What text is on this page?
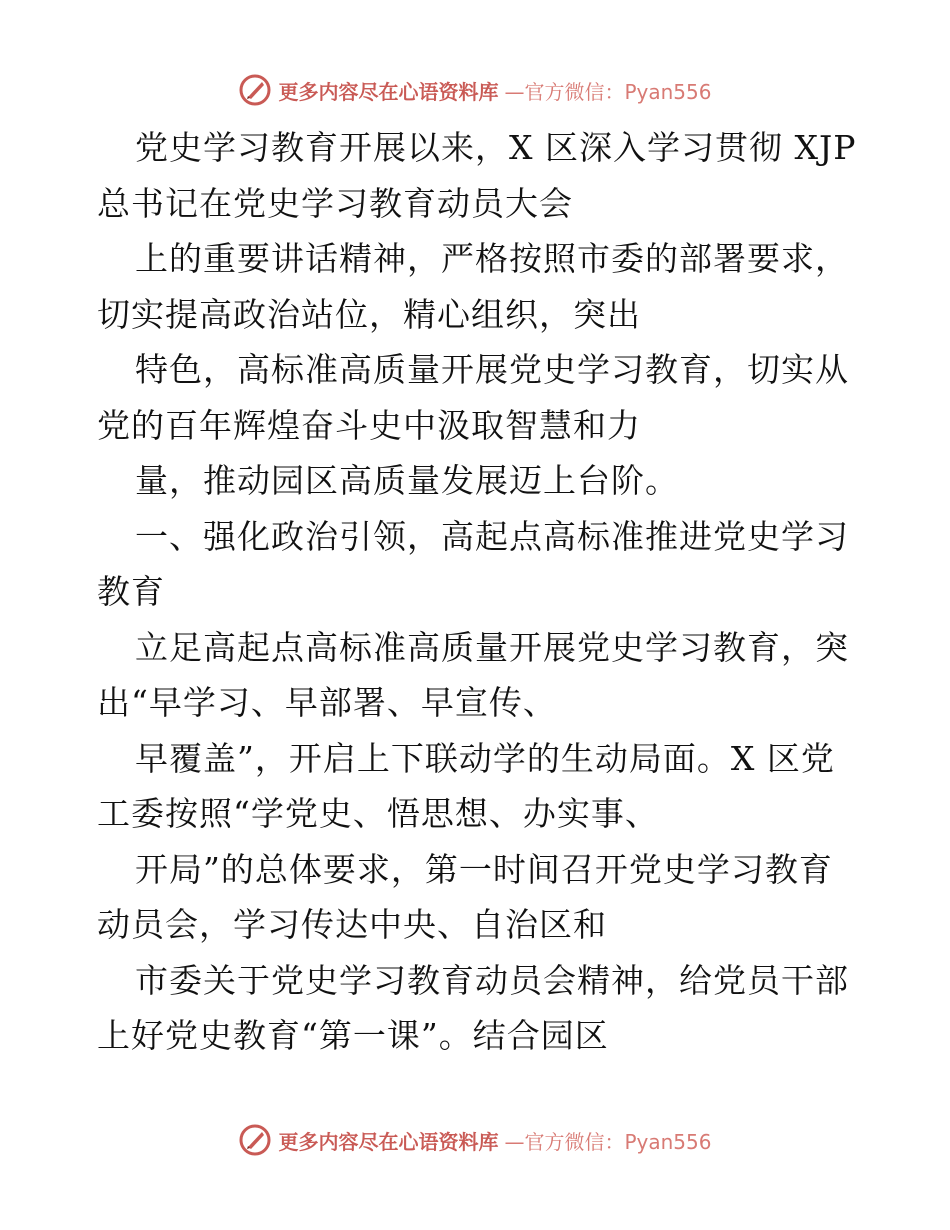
更多内容尽在心语资料库 —官方微信：Pyan556
党史学习教育开展以来，X 区深入学习贯彻 XJP
总书记在党史学习教育动员大会
上的重要讲话精神，严格按照市委的部署要求，
切实提高政治站位，精心组织，突出
特色，高标准高质量开展党史学习教育，切实从
党的百年辉煌奋斗史中汲取智慧和力
量，推动园区高质量发展迈上台阶。
一、强化政治引领，高起点高标准推进党史学习
教育
立足高起点高标准高质量开展党史学习教育，突
出“早学习、早部署、早宣传、
早覆盖”，开启上下联动学的生动局面。X 区党
工委按照“学党史、悟思想、办实事、
开局”的总体要求，第一时间召开党史学习教育
动员会，学习传达中央、自治区和
市委关于党史学习教育动员会精神，给党员干部
上好党史教育“第一课”。结合园区
更多内容尽在心语资料库 —官方微信：Pyan556
